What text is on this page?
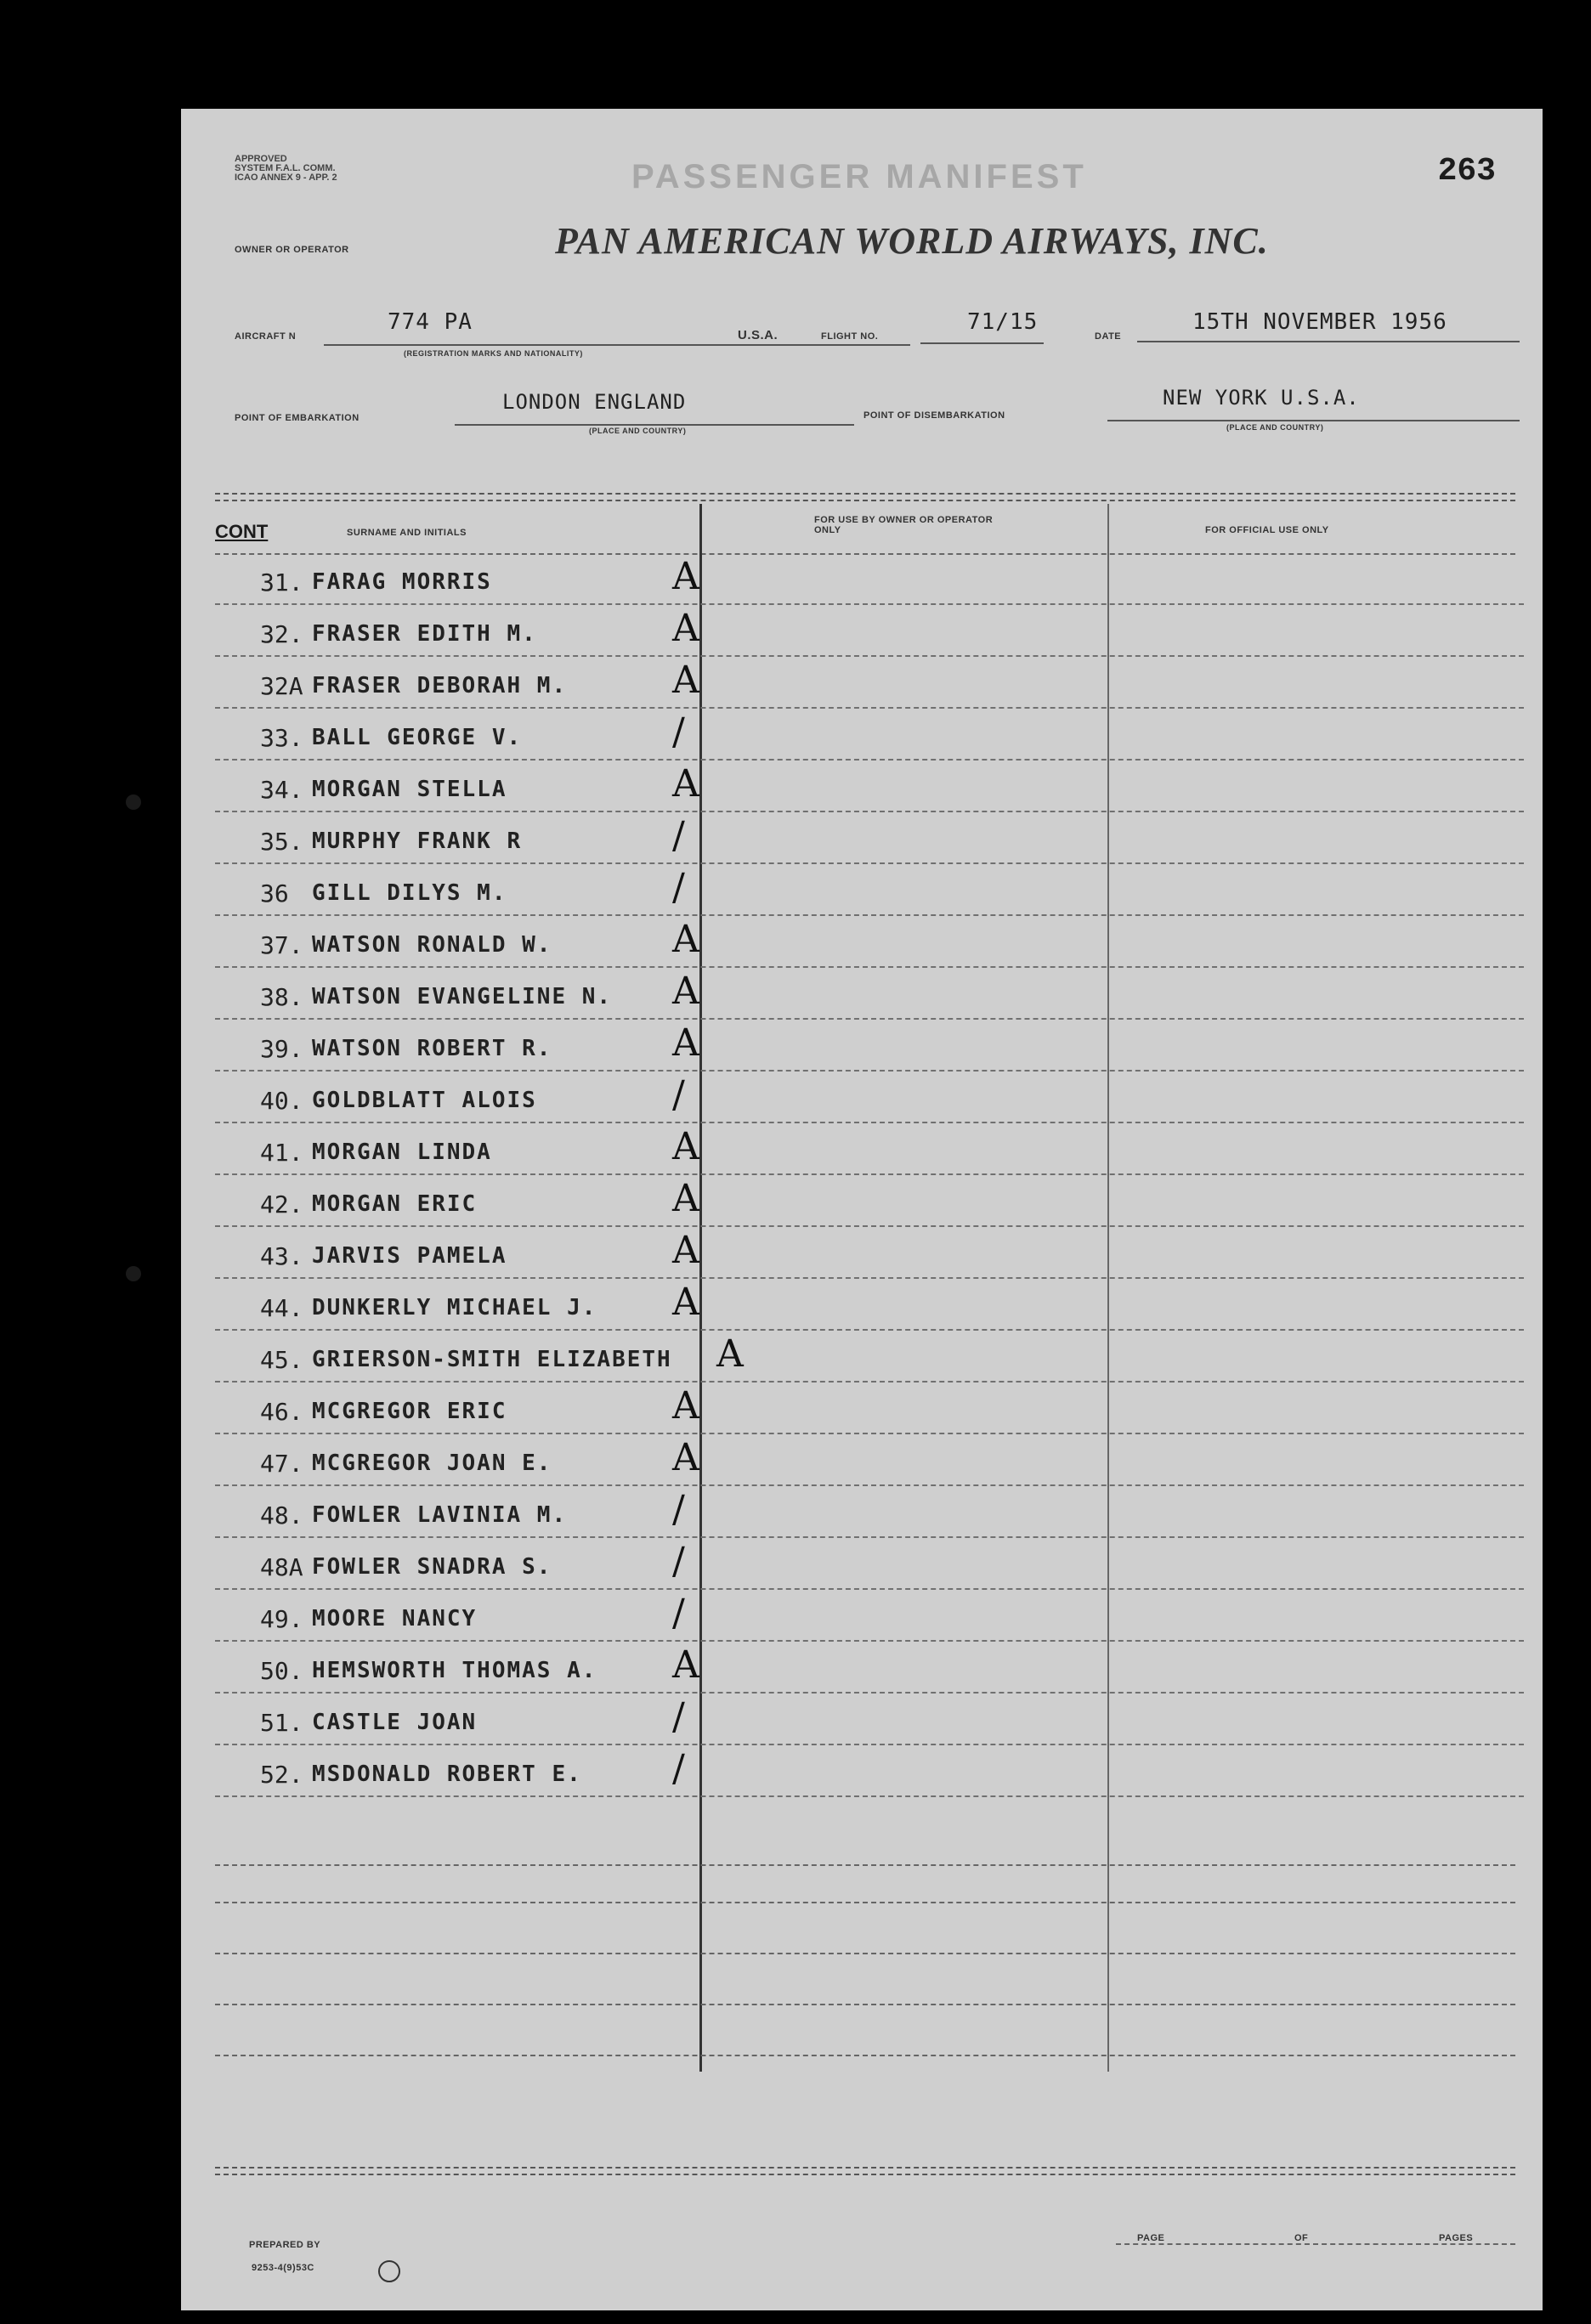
APPROVED
SYSTEM F.A.L. COMM.
ICAO ANNEX 9 - APP. 2	PASSENGER MANIFEST	263
OWNER OR OPERATOR	PAN AMERICAN WORLD AIRWAYS, INC.
AIRCRAFT N
774 PA
(REGISTRATION MARKS AND NATIONALITY)
U.S.A.	FLIGHT NO.
71/15
DATE
15TH NOVEMBER 1956
POINT OF EMBARKATION
LONDON ENGLAND
(PLACE AND COUNTRY)
POINT OF DISEMBARKATION
NEW YORK U.S.A.
(PLACE AND COUNTRY)
CONT	SURNAME AND INITIALS
FOR USE BY OWNER OR OPERATOR ONLY	FOR OFFICIAL USE ONLY
31. FARAG MORRIS	A
32. FRASER EDITH M.	A
32A FRASER DEBORAH M.	A
33. BALL GEORGE V.	/
34. MORGAN STELLA	A
35. MURPHY FRANK R	/
36 GILL DILYS M.	/
37. WATSON RONALD W.	A
38. WATSON EVANGELINE N. A
39. WATSON ROBERT R.	A
40. GOLDBLATT ALOIS	/
41. MORGAN LINDA	A
42. MORGAN ERIC	A
43. JARVIS PAMELA	A
44. DUNKERLY MICHAEL J. A
45. GRIERSON-SMITH ELIZABETH A
46. MCGREGOR ERIC	A
47. MCGREGOR JOAN E.	A
48. FOWLER LAVINIA M.	/
48A FOWLER SNADRA S.	/
49. MOORE NANCY	/
50. HEMSWORTH THOMAS A. A
51. CASTLE JOAN	/
52. MSDONALD ROBERT E. /
PREPARED BY
9253-4(9)53C
PAGE	OF	PAGES
